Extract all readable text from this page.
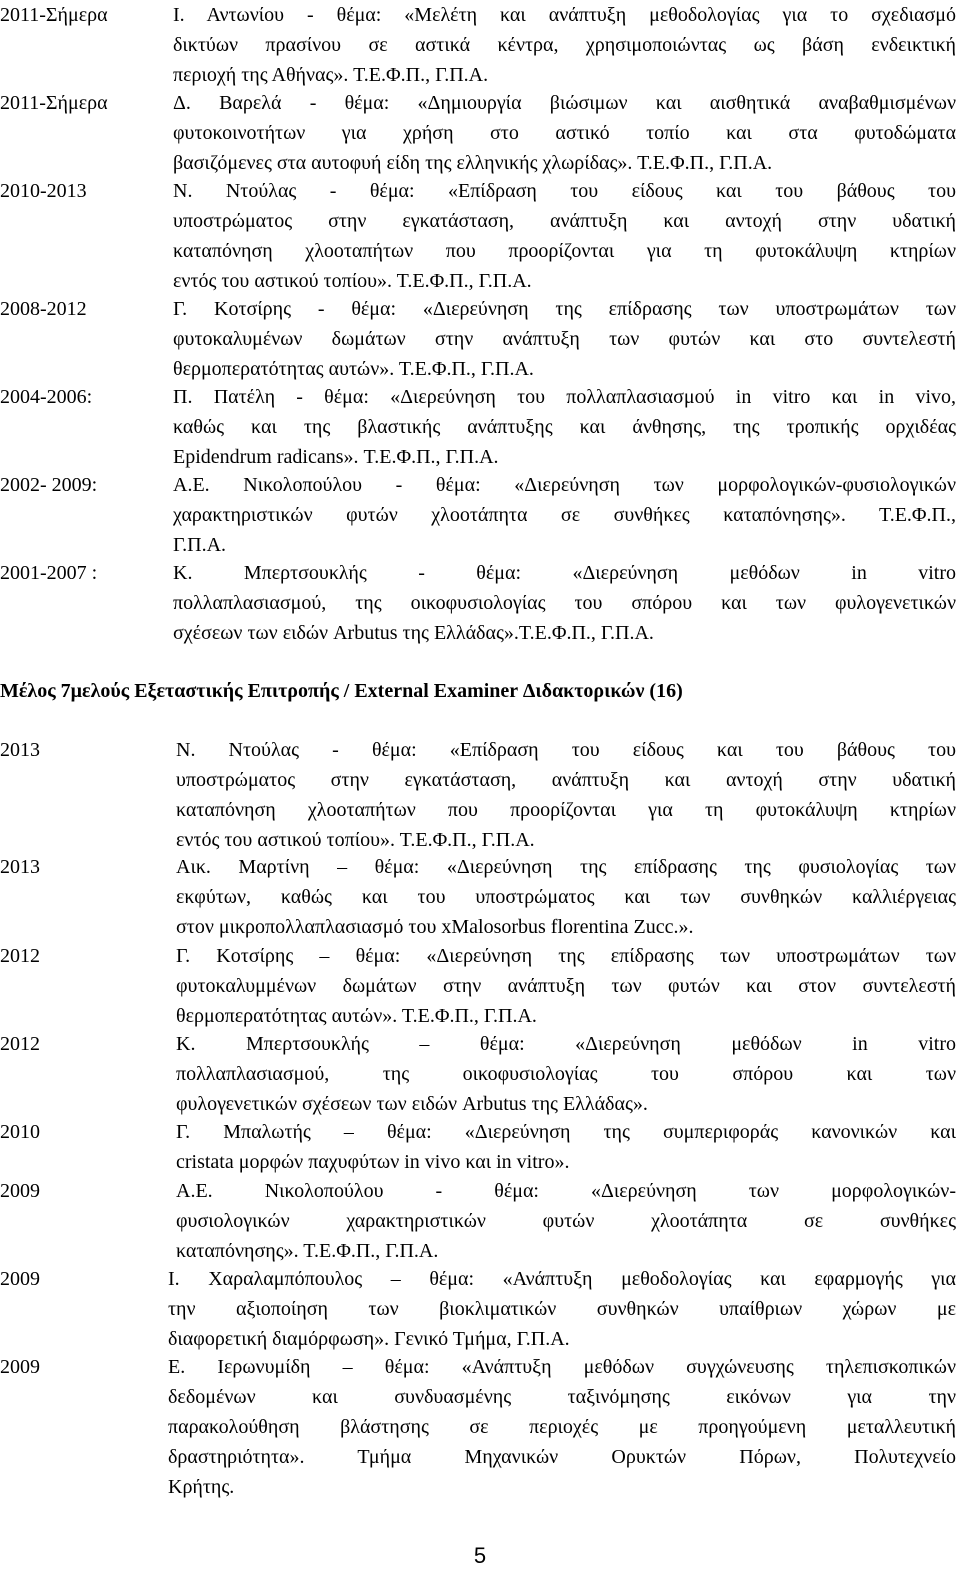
2011-Σήμερα	Ι. Αντωνίου - θέμα: «Μελέτη και ανάπτυξη μεθοδολογίας για το σχεδιασμό
δικτύων πρασίνου σε αστικά κέντρα, χρησιμοποιώντας ως βάση ενδεικτική
περιοχή της Αθήνας». Τ.Ε.Φ.Π., Γ.Π.Α.
2011-Σήμερα	Δ. Βαρελά - θέμα: «Δημιουργία βιώσιμων και αισθητικά αναβαθμισμένων
φυτοκοινοτήτων για χρήση στο αστικό τοπίο και στα φυτοδώματα
βασιζόμενες στα αυτοφυή είδη της ελληνικής χλωρίδας». Τ.Ε.Φ.Π., Γ.Π.Α.
2010-2013	Ν. Ντούλας - θέμα: «Επίδραση του είδους και του βάθους του
υποστρώματος στην εγκατάσταση, ανάπτυξη και αντοχή στην υδατική
καταπόνηση χλοοταπήτων που προορίζονται για τη φυτοκάλυψη κτηρίων
εντός του αστικού τοπίου». Τ.Ε.Φ.Π., Γ.Π.Α.
2008-2012	Γ. Κοτσίρης - θέμα: «Διερεύνηση της επίδρασης των υποστρωμάτων των
φυτοκαλυμένων δωμάτων στην ανάπτυξη των φυτών και στο συντελεστή
θερμοπερατότητας αυτών». Τ.Ε.Φ.Π., Γ.Π.Α.
2004-2006:	Π. Πατέλη - θέμα: «Διερεύνηση του πολλαπλασιασμού in vitro και in vivo,
καθώς και της βλαστικής ανάπτυξης και άνθησης, της τροπικής ορχιδέας
Epidendrum radicans». Τ.Ε.Φ.Π., Γ.Π.Α.
2002- 2009:	Α.Ε. Νικολοπούλου - θέμα: «Διερεύνηση των μορφολογικών-φυσιολογικών
χαρακτηριστικών φυτών χλοοτάπητα σε συνθήκες καταπόνησης». Τ.Ε.Φ.Π.,
Γ.Π.Α.
2001-2007 :	Κ. Μπερτσουκλής - θέμα: «Διερεύνηση μεθόδων in vitro
πολλαπλασιασμού, της οικοφυσιολογίας του σπόρου και των φυλογενετικών
σχέσεων των ειδών Arbutus της Ελλάδας».Τ.Ε.Φ.Π., Γ.Π.Α.
Μέλος 7μελούς Εξεταστικής Επιτροπής / External Examiner Διδακτορικών (16)
2013	Ν. Ντούλας - θέμα: «Επίδραση του είδους και του βάθους του
υποστρώματος στην εγκατάσταση, ανάπτυξη και αντοχή στην υδατική
καταπόνηση χλοοταπήτων που προορίζονται για τη φυτοκάλυψη κτηρίων
εντός του αστικού τοπίου». Τ.Ε.Φ.Π., Γ.Π.Α.
2013	Αικ. Μαρτίνη – θέμα: «Διερεύνηση της επίδρασης της φυσιολογίας των
εκφύτων, καθώς και του υποστρώματος και των συνθηκών καλλιέργειας
στον μικροπολλαπλασιασμό του xMalosorbus florentina Zucc.».
2012	Γ. Κοτσίρης – θέμα: «Διερεύνηση της επίδρασης των υποστρωμάτων των
φυτοκαλυμμένων δωμάτων στην ανάπτυξη των φυτών και στον συντελεστή
θερμοπερατότητας αυτών». Τ.Ε.Φ.Π., Γ.Π.Α.
2012	Κ. Μπερτσουκλής – θέμα: «Διερεύνηση μεθόδων in vitro
πολλαπλασιασμού, της οικοφυσιολογίας του σπόρου και των
φυλογενετικών σχέσεων των ειδών Arbutus της Ελλάδας».
2010	Γ. Μπαλωτής – θέμα: «Διερεύνηση της συμπεριφοράς κανονικών και
cristata μορφών παχυφύτων in vivo και in vitro».
2009	Α.Ε. Νικολοπούλου - θέμα: «Διερεύνηση των μορφολογικών-
φυσιολογικών χαρακτηριστικών φυτών χλοοτάπητα σε συνθήκες
καταπόνησης». Τ.Ε.Φ.Π., Γ.Π.Α.
2009	Ι. Χαραλαμπόπουλος – θέμα: «Ανάπτυξη μεθοδολογίας και εφαρμογής για
την αξιοποίηση των βιοκλιματικών συνθηκών υπαίθριων χώρων με
διαφορετική διαμόρφωση». Γενικό Τμήμα, Γ.Π.Α.
2009	Ε. Ιερωνυμίδη – θέμα: «Ανάπτυξη μεθόδων συγχώνευσης τηλεπισκοπικών
δεδομένων και συνδυασμένης ταξινόμησης εικόνων για την
παρακολούθηση βλάστησης σε περιοχές με προηγούμενη μεταλλευτική
δραστηριότητα». Τμήμα Μηχανικών Ορυκτών Πόρων, Πολυτεχνείο
Κρήτης.
5
